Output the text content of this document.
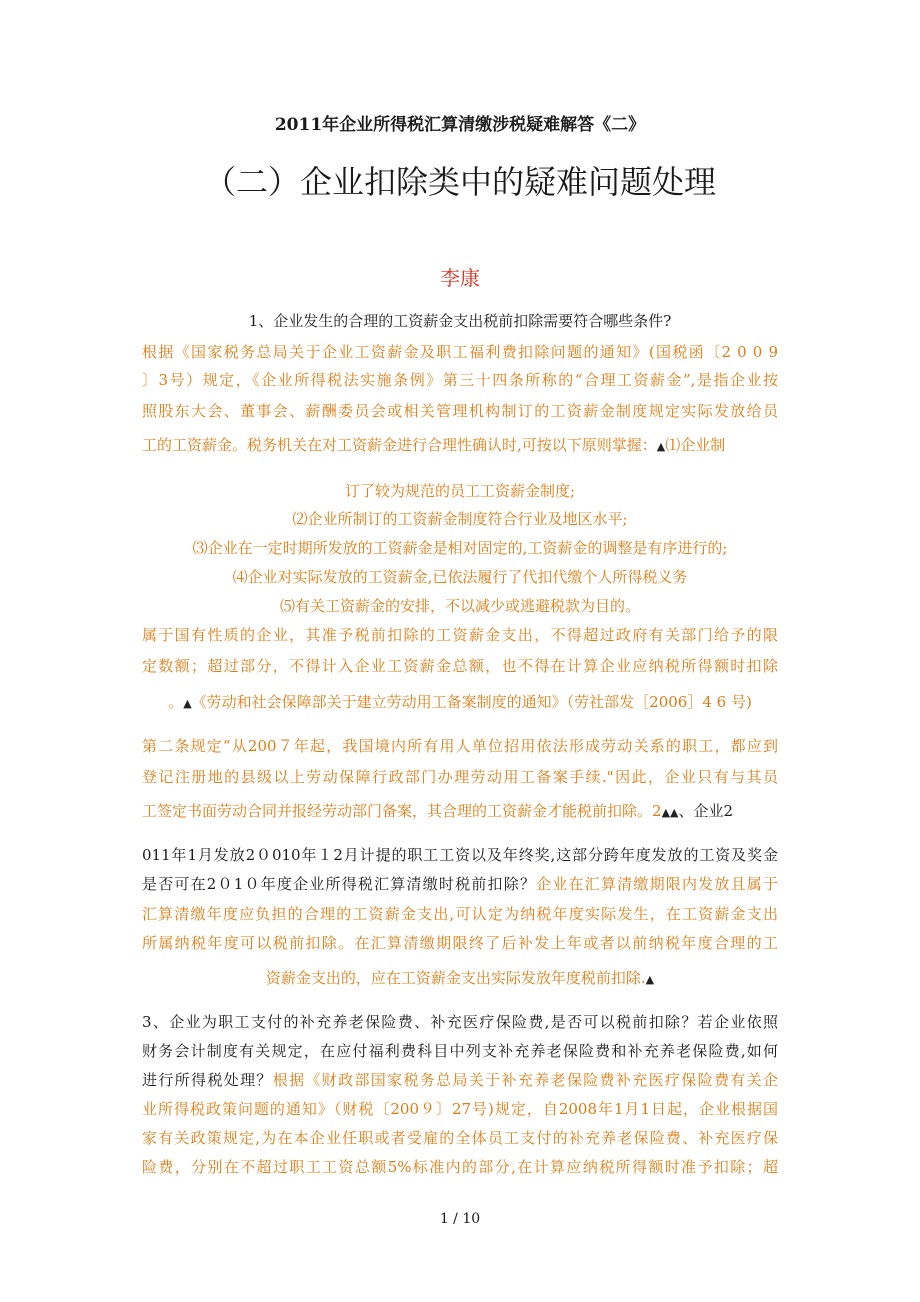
2011年企业所得税汇算清缴涉税疑难解答《二》
（二）企业扣除类中的疑难问题处理
李康
1、企业发生的合理的工资薪金支出税前扣除需要符合哪些条件?
根据《国家税务总局关于企业工资薪金及职工福利费扣除问题的通知》(国税函〔2 0 0 9
〕3号）规定，《企业所得税法实施条例》第三十四条所称的“合理工资薪金”,是指企业按
照股东大会、董事会、薪酬委员会或相关管理机构制订的工资薪金制度规定实际发放给员
工的工资薪金。税务机关在对工资薪金进行合理性确认时,可按以下原则掌握：▲⑴企业制
订了较为规范的员工工资薪金制度;
⑵企业所制订的工资薪金制度符合行业及地区水平;
⑶企业在一定时期所发放的工资薪金是相对固定的,工资薪金的调整是有序进行的;
⑷企业对实际发放的工资薪金,已依法履行了代扣代缴个人所得税义务
⑸有关工资薪金的安排，不以减少或逃避税款为目的。
属于国有性质的企业，其准予税前扣除的工资薪金支出，不得超过政府有关部门给予的限
定数额；超过部分，不得计入企业工资薪金总额，也不得在计算企业应纳税所得额时扣除
。▲《劳动和社会保障部关于建立劳动用工备案制度的通知》（劳社部发［2006］4 6 号)
第二条规定“从200７年起，我国境内所有用人单位招用依法形成劳动关系的职工，都应到
登记注册地的县级以上劳动保障行政部门办理劳动用工备案手续."因此，企业只有与其员
工签定书面劳动合同并报经劳动部门备案，其合理的工资薪金才能税前扣除。2▲▲、企业2
011年1月发放2０010年１2月计提的职工工资以及年终奖,这部分跨年度发放的工资及奖金
是否可在2０1０年度企业所得税汇算清缴时税前扣除？企业在汇算清缴期限内发放且属于
汇算清缴年度应负担的合理的工资薪金支出,可认定为纳税年度实际发生，在工资薪金支出
所属纳税年度可以税前扣除。在汇算清缴期限终了后补发上年或者以前纳税年度合理的工
资薪金支出的，应在工资薪金支出实际发放年度税前扣除.▲
3、企业为职工支付的补充养老保险费、补充医疗保险费,是否可以税前扣除？若企业依照
财务会计制度有关规定，在应付福利费科目中列支补充养老保险费和补充养老保险费,如何
进行所得税处理？根据《财政部国家税务总局关于补充养老保险费补充医疗保险费有关企
业所得税政策问题的通知》（财税〔200９〕27号)规定，自2008年1月1日起，企业根据国
家有关政策规定,为在本企业任职或者受雇的全体员工支付的补充养老保险费、补充医疗保
险费，分别在不超过职工工资总额5%标准内的部分,在计算应纳税所得额时准予扣除；超
1 / 10
